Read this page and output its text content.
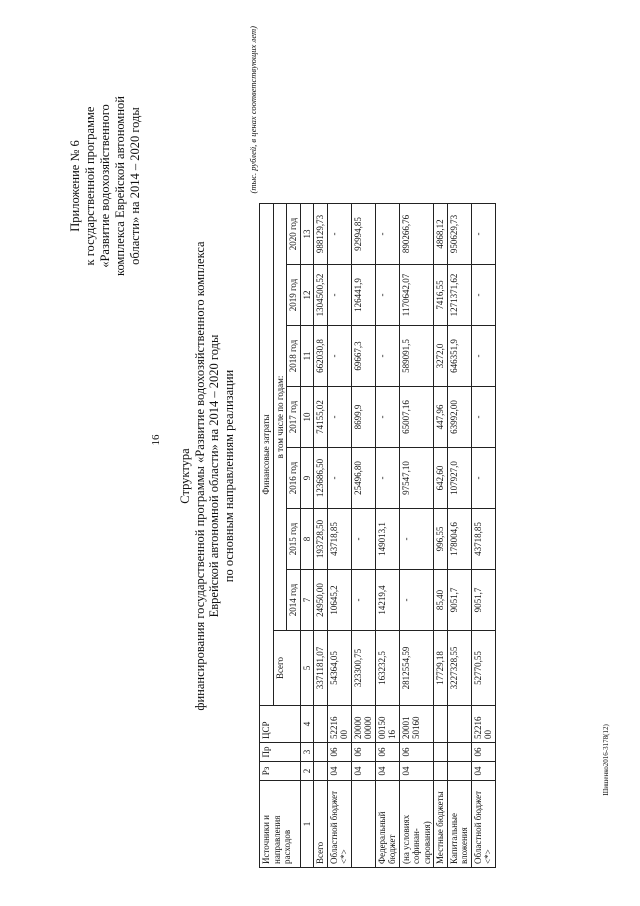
16
Приложение № 6 к государственной программе «Развитие водохозяйственного комплекса Еврейской автономной области» на 2014 – 2020 годы
Структура финансирования государственной программы «Развитие водохозяйственного комплекса Еврейской автономной области» на 2014 – 2020 годы по основным направлениям реализации
(тыс. рублей, в ценах соответствующих лет)
Источники и направления расходов	Рз	Пр	ЦСР	Финансовые затраты							
				Всего	в том числе по годам:						
					2014 год	2015 год	2016 год	2017 год	2018 год	2019 год	2020 год
1	2	3	4	5	7	8	9	10	11	12	13
Всего				3371181,07	24950,00	193728,50	123686,50	74155,02	662030,8	1304500,52	988129,73
Областной бюджет <*>	04	06	52216 00	54364,05	10645,2	43718,85	-	-	-	-	-
	04	06	20000 00000	323300,75	-	-	25496,80	8699,9	69667,3	126441,9	92994,85
Федеральный бюджет	04	06	00150 16	163232,5	14219,4	149013,1	-	-	-	-	-
(на условиях софинан- сирования)	04	06	20001 50160	2812554,59	-	-	97547,10	65007,16	589091,5	1170642,07	890266,76
Местные бюджеты				17729,18	85,40	996,55	642,60	447,96	3272,0	7416,55	4868,12
Капитальные вложения				3227328,55	9051,7	178004,6	107927,0	63992,00	646351,9	1271371,62	950629,73
Областной бюджет <*>	04	06	52216 00	52770,55	9051,7	43718,85	-	-	-	-	-
Шишенко2016-3178(12)
